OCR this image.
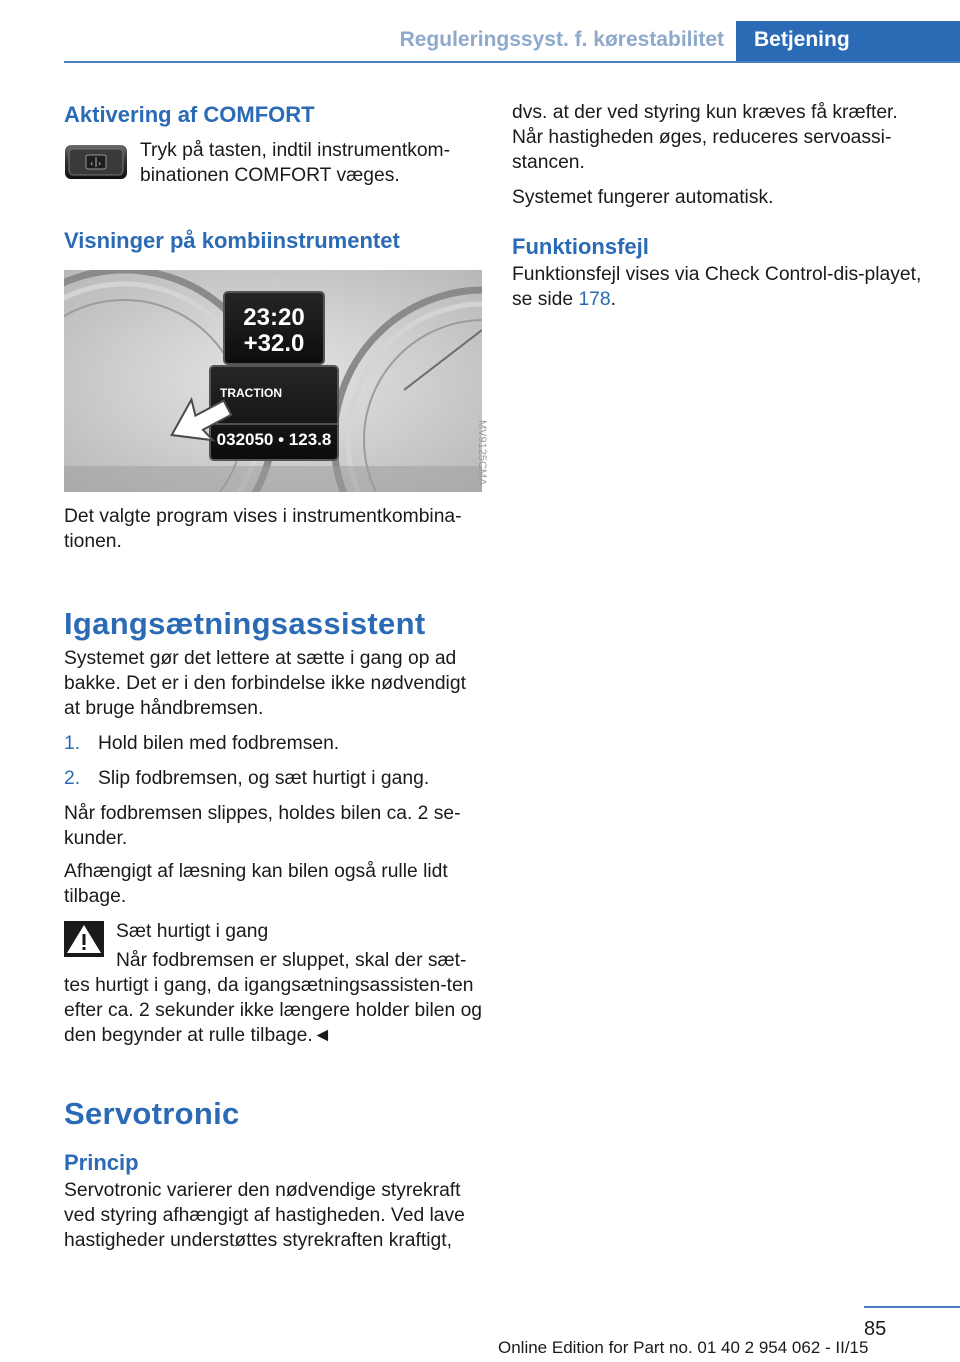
Reguleringssyst. f. kørestabilitet	Betjening
Aktivering af COMFORT
‹ ›

Tryk på tasten, indtil instrumentkom-binationen COMFORT væges.

Visninger på kombiinstrumentet
23:20
+32.0
TRACTION
032050 • 123.8	MV9125CMA

Det valgte program vises i instrumentkombina-tionen.

Igangsætningsassistent

Systemet gør det lettere at sætte i gang op ad bakke. Det er i den forbindelse ikke nødvendigt at bruge håndbremsen.

1. Hold bilen med fodbremsen.
2. Slip fodbremsen, og sæt hurtigt i gang.

Når fodbremsen slippes, holdes bilen ca. 2 se-kunder.

Afhængigt af læsning kan bilen også rulle lidt tilbage.

Sæt hurtigt i gang

Når fodbremsen er sluppet, skal der sæt-

tes hurtigt i gang, da igangsætningsassisten-ten efter ca. 2 sekunder ikke længere holder bilen og den begynder at rulle tilbage.◄

Servotronic
Princip

Servotronic varierer den nødvendige styrekraft ved styring afhængigt af hastigheden. Ved lave hastigheder understøttes styrekraften kraftigt,

dvs. at der ved styring kun kræves få kræfter. Når hastigheden øges, reduceres servoassi-stancen.

Systemet fungerer automatisk.

Funktionsfejl

Funktionsfejl vises via Check Control-dis-playet, se side 178.

85
Online Edition for Part no. 01 40 2 954 062 - II/15
